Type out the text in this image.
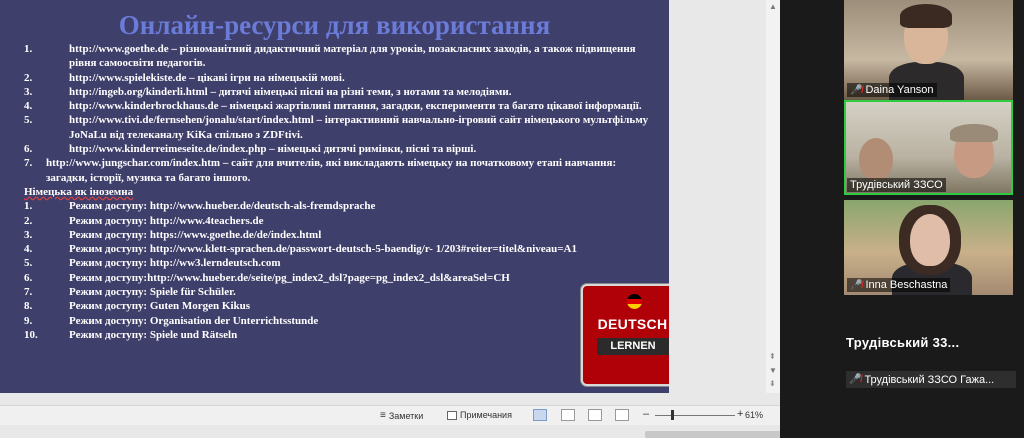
Онлайн-ресурси для використання
1.	http://www.goethe.de – різноманітний дидактичний матеріал для уроків, позакласних заходів, а також підвищення рівня самоосвіти педагогів.
2.	http://www.spielekiste.de – цікаві ігри на німецькій мові.
3.	http://ingeb.org/kinderli.html – дитячі німецькі пісні на різні теми, з нотами та мелодіями.
4.	http://www.kinderbrockhaus.de – німецькі жартівливі питання, загадки, експерименти та багато цікавої інформації.
5.	http://www.tivi.de/fernsehen/jonalu/start/index.html – інтерактивний навчально-ігровий сайт німецького мультфільму JoNaLu від телеканалу KiKa спільно з ZDFtivi.
6.	http://www.kinderreimeseite.de/index.php – німецькі дитячі римівки, пісні та вірші.
7.	http://www.jungschar.com/index.htm – сайт для вчителів, які викладають німецьку на початковому етапі навчання: загадки, історії, музика та багато іншого.
Німецька як іноземна
1.	Режим доступу: http://www.hueber.de/deutsch-als-fremdsprache
2.	Режим доступу: http://www.4teachers.de
3.	Режим доступу: https://www.goethe.de/de/index.html
4.	Режим доступу: http://www.klett-sprachen.de/passwort-deutsch-5-baendig/r- 1/203#reiter=titel&niveau=A1
5.	Режим доступу: http://ww3.lerndeutsch.com
6.	Режим доступу:http://www.hueber.de/seite/pg_index2_dsl?page=pg_index2_dsl&areaSel=CH
7.	Режим доступу: Spiele für Schüler.
8.	Режим доступу: Guten Morgen Kikus
9.	Режим доступу: Organisation der Unterrichtsstunde
10.	Режим доступу: Spiele und Rätseln
DEUTSCH
LERNEN
▲
⇞
▼
⇟
≡ Заметки	Примечания	–	+ 61%
🎤̸ Daina Yanson
Трудівський ЗЗСО
🎤̸ Inna Beschastna
Трудівський 33...
🎤̸ Трудівський ЗЗСО Гажа...
